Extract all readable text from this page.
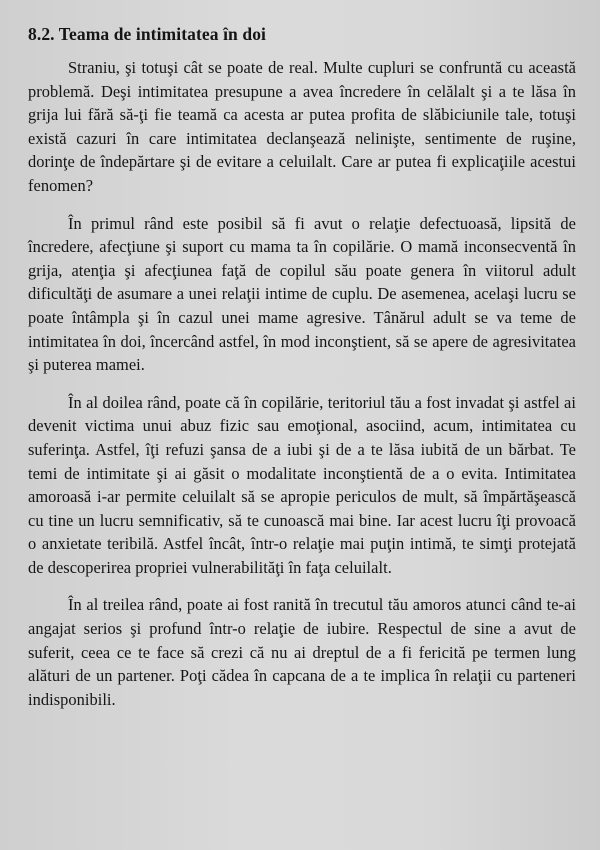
8.2. Teama de intimitatea în doi

Straniu, şi totuşi cât se poate de real. Multe cupluri se confruntă cu această problemă. Deşi intimitatea presupune a avea încredere în celălalt şi a te lăsa în grija lui fără să-ţi fie teamă ca acesta ar putea profita de slăbiciunile tale, totuşi există cazuri în care intimitatea declanşează nelinişte, sentimente de ruşine, dorinţe de îndepărtare şi de evitare a celuilalt. Care ar putea fi explicaţiile acestui fenomen?

În primul rând este posibil să fi avut o relaţie defectuoasă, lipsită de încredere, afecţiune şi suport cu mama ta în copilărie. O mamă inconsecventă în grija, atenţia şi afecţiunea faţă de copilul său poate genera în viitorul adult dificultăţi de asumare a unei relaţii intime de cuplu. De asemenea, acelaşi lucru se poate întâmpla şi în cazul unei mame agresive. Tânărul adult se va teme de intimitatea în doi, încercând astfel, în mod inconştient, să se apere de agresivitatea şi puterea mamei.

În al doilea rând, poate că în copilărie, teritoriul tău a fost invadat şi astfel ai devenit victima unui abuz fizic sau emoţional, asociind, acum, intimitatea cu suferinţa. Astfel, îţi refuzi şansa de a iubi şi de a te lăsa iubită de un bărbat. Te temi de intimitate şi ai găsit o modalitate inconştientă de a o evita. Intimitatea amoroasă i-ar permite celuilalt să se apropie periculos de mult, să împărtăşească cu tine un lucru semnificativ, să te cunoască mai bine. Iar acest lucru îţi provoacă o anxietate teribilă. Astfel încât, într-o relaţie mai puţin intimă, te simţi protejată de descoperirea propriei vulnerabilităţi în faţa celuilalt.

În al treilea rând, poate ai fost ranită în trecutul tău amoros atunci când te-ai angajat serios şi profund într-o relaţie de iubire. Respectul de sine a avut de suferit, ceea ce te face să crezi că nu ai dreptul de a fi fericită pe termen lung alături de un partener. Poţi cădea în capcana de a te implica în relaţii cu parteneri indisponibili.
